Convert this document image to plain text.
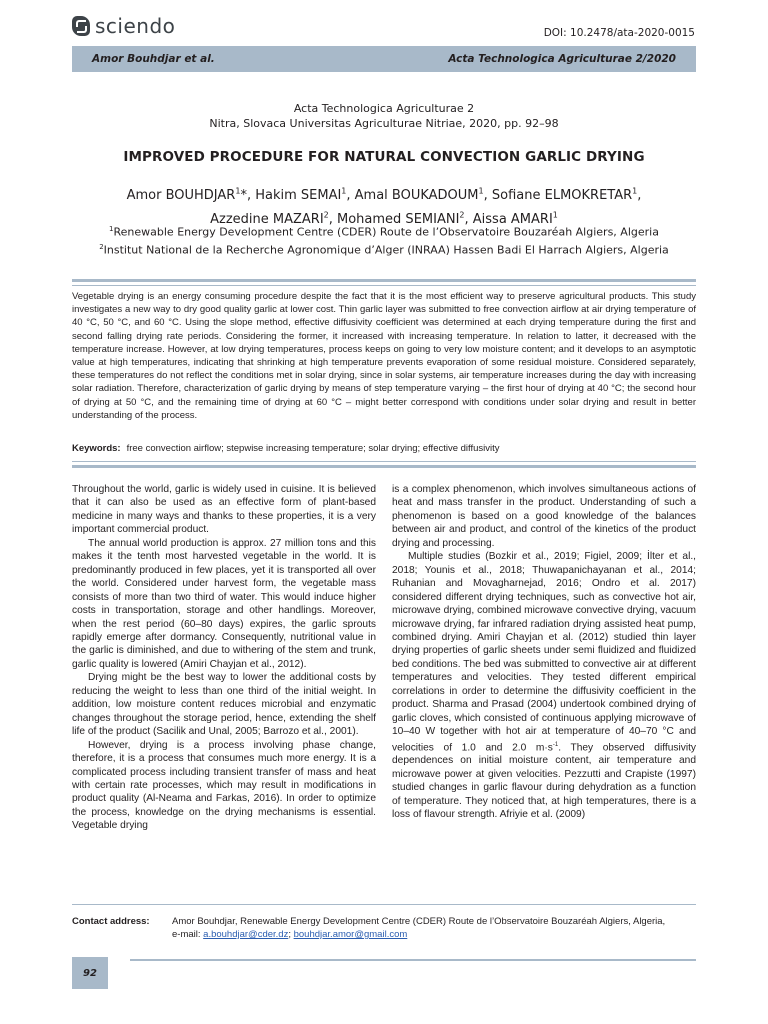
sciendo	DOI: 10.2478/ata-2020-0015
Amor Bouhdjar et al.	Acta Technologica Agriculturae 2/2020
Acta Technologica Agriculturae 2
Nitra, Slovaca Universitas Agriculturae Nitriae, 2020, pp. 92–98
IMPROVED PROCEDURE FOR NATURAL CONVECTION GARLIC DRYING
Amor BOUHDJAR$^1$*, Hakim SEMAI$^1$, Amal BOUKADOUM$^1$, Sofiane ELMOKRETAR$^1$,
Azzedine MAZARI$^2$, Mohamed SEMIANI$^2$, Aissa AMARI$^1$
$^1$Renewable Energy Development Centre (CDER) Route de l’Observatoire Bouzaréah Algiers, Algeria
$^2$Institut National de la Recherche Agronomique d’Alger (INRAA) Hassen Badi El Harrach Algiers, Algeria
Vegetable drying is an energy consuming procedure despite the fact that it is the most efficient way to preserve agricultural products. This study investigates a new way to dry good quality garlic at lower cost. Thin garlic layer was submitted to free convection airflow at air drying temperature of 40 °C, 50 °C, and 60 °C. Using the slope method, effective diffusivity coefficient was determined at each drying temperature during the first and second falling drying rate periods. Considering the former, it increased with increasing temperature. In relation to latter, it decreased with the temperature increase. However, at low drying temperatures, process keeps on going to very low moisture content; and it develops to an asymptotic value at high temperatures, indicating that shrinking at high temperature prevents evaporation of some residual moisture. Considered separately, these temperatures do not reflect the conditions met in solar drying, since in solar systems, air temperature increases during the day with increasing solar radiation. Therefore, characterization of garlic drying by means of step temperature varying – the first hour of drying at 40 °C; the second hour of drying at 50 °C, and the remaining time of drying at 60 °C – might better correspond with conditions under solar drying and result in better understanding of the process.
Keywords: free convection airflow; stepwise increasing temperature; solar drying; effective diffusivity

Throughout the world, garlic is widely used in cuisine. It is believed that it can also be used as an effective form of plant-based medicine in many ways and thanks to these properties, it is a very important commercial product.

The annual world production is approx. 27 million tons and this makes it the tenth most harvested vegetable in the world. It is predominantly produced in few places, yet it is transported all over the world. Considered under harvest form, the vegetable mass consists of more than two third of water. This would induce higher costs in transportation, storage and other handlings. Moreover, when the rest period (60–80 days) expires, the garlic sprouts rapidly emerge after dormancy. Consequently, nutritional value in the garlic is diminished, and due to withering of the stem and trunk, garlic quality is lowered (Amiri Chayjan et al., 2012).

Drying might be the best way to lower the additional costs by reducing the weight to less than one third of the initial weight. In addition, low moisture content reduces microbial and enzymatic changes throughout the storage period, hence, extending the shelf life of the product (Sacilik and Unal, 2005; Barrozo et al., 2001).

However, drying is a process involving phase change, therefore, it is a process that consumes much more energy. It is a complicated process including transient transfer of mass and heat with certain rate processes, which may result in modifications in product quality (Al-Neama and Farkas, 2016). In order to optimize the process, knowledge on the drying mechanisms is essential. Vegetable drying

is a complex phenomenon, which involves simultaneous actions of heat and mass transfer in the product. Understanding of such a phenomenon is based on a good knowledge of the balances between air and product, and control of the kinetics of the product drying and processing.

Multiple studies (Bozkir et al., 2019; Figiel, 2009; İlter et al., 2018; Younis et al., 2018; Thuwapanichayanan et al., 2014; Ruhanian and Movagharnejad, 2016; Ondro et al. 2017) considered different drying techniques, such as convective hot air, microwave drying, combined microwave convective drying, vacuum microwave drying, far infrared radiation drying assisted heat pump, combined drying. Amiri Chayjan et al. (2012) studied thin layer drying properties of garlic sheets under semi fluidized and fluidized bed conditions. The bed was submitted to convective air at different temperatures and velocities. They tested different empirical correlations in order to determine the diffusivity coefficient in the product. Sharma and Prasad (2004) undertook combined drying of garlic cloves, which consisted of continuous applying microwave of 10–40 W together with hot air at temperature of 40–70 °C and velocities of 1.0 and 2.0 $m\cdot s^{-1}$. They observed diffusivity dependences on initial moisture content, air temperature and microwave power at given velocities. Pezzutti and Crapiste (1997) studied changes in garlic flavour during dehydration as a function of temperature. They noticed that, at high temperatures, there is a loss of flavour strength. Afriyie et al. (2009)

Contact address:	Amor Bouhdjar, Renewable Energy Development Centre (CDER) Route de l’Observatoire Bouzaréah Algiers, Algeria,
e-mail: a.bouhdjar@cder.dz; bouhdjar.amor@gmail.com
92
